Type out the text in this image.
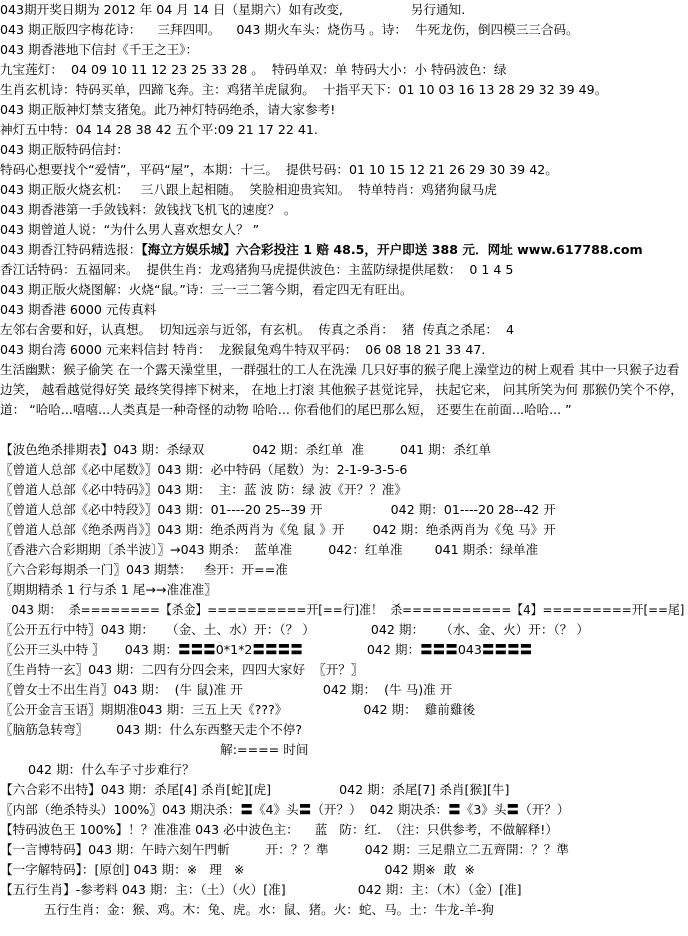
043期开奖日期为 2012 年 04 月 14 日（星期六）如有改变,                 另行通知.
043 期正版四字梅花诗：    三拜四叩。    043 期火车头：烧伤马 。诗：  牛死龙伤，倒四模三三合码。
043 期香港地下信封《千王之王》：
九宝莲灯：  04 09 10 11 12 23 25 33 28 。  特码单双：单 特码大小：小 特码波色：绿
生肖玄机诗：特码买单，四蹄飞奔。主：鸡猪羊虎鼠狗。  十指平天下：01 10 03 16 13 28 29 32 39 49。
043 期正版神灯禁支猪兔。此乃神灯特码绝杀，请大家参考!
神灯五中特：04 14 28 38 42 五个平:09 21 17 22 41.
043 期正版特码信封：
特码心想要找个“爱情”，平码“屋”，本期：十三。  提供号码：01 10 15 12 21 26 29 30 39 42。
043 期正版火烧玄机：   三八跟上起相随。  笑脸相迎贵宾知。  特单特肖：鸡猪狗鼠马虎
043 期香港第一手敛钱料：敛钱找飞机飞的速度？ 。
043 期曾道人说：“为什么男人喜欢想女人？ ”
043 期香江特码精选报：【海立方娱乐城】六合彩投注 1 赔 48.5，开户即送 388 元．网址 www.617788.com
香江话特码：五福同来。  提供生肖：龙鸡猪狗马虎提供波色：主蓝防绿提供尾数：  0 1 4 5
043 期正版火烧图解：火烧“鼠。”诗：三一三二箸今期，看定四无有旺出。
043 期香港 6000 元传真料
左邻右舍要和好，认真想。  切知远亲与近邻，有玄机。  传真之杀肖：  猪  传真之杀尾：  4
043 期台湾 6000 元来料信封 特肖：  龙猴鼠兔鸡牛特双平码：  06 08 18 21 33 47.
生活幽默：猴子偷笑 在一个露天澡堂里，一群强壮的工人在洗澡 几只好事的猴子爬上澡堂边的树上观看 其中一只猴子边看边笑， 越看越觉得好笑 最终笑得摔下树来， 在地上打滚 其他猴子甚觉诧异， 扶起它来， 问其所笑为何 那猴仍笑个不停， 道： “哈哈...嘻嘻...人类真是一种奇怪的动物 哈哈... 你看他们的尾巴那么短， 还要生在前面...哈哈... ”
【波色绝杀排期表】043 期：杀绿双            042 期：杀红单  准         041 期：杀红单
〖曾道人总部《必中尾数》〗043 期：必中特码（尾数）为：2-1-9-3-5-6
〖曾道人总部《必中特码》〗043 期：  主：蓝 波 防：绿 波《开？？准》
〖曾道人总部《必中特段》〗043 期：01----20 25--39 开                 042 期：01----20 28--42 开
〖曾道人总部《绝杀两肖》〗043 期：绝杀两肖为《兔 鼠 》开       042 期：绝杀两肖为《兔 马》开
〖香港六合彩期期〔杀半波〕〗→043 期杀：  蓝单准         042：红单准        041 期杀：绿单准
〖六合彩每期杀一门〗043 期禁：   叁开：开==准
〖期期精杀 1 行与杀 1 尾→→准准准〗
043 期：  杀========【杀金】==========开[==行]准！  杀===========【4】=========开[==尾]
〖公开五行中特〗043 期：   （金、土、水）开：（？ ）              042 期：    （水、金、火）开：（？ ）
〖公开三头中特 〗     043 期：〓〓〓0*1*2〓〓〓〓                042 期：〓〓〓043〓〓〓〓
〖生肖特一玄〗043 期：二四有分四会来，四四大家好  〖开？〗
〖曾女士不出生肖〗043 期：  (牛 鼠)准 开                    042 期：  (牛 马)准 开
〖公开金言玉语〗期期准043 期：三五上天《???》                   042 期：  雞前雞後
〖脑筋急转弯〗       043 期：什么东西整天走个不停?
解:==== 时间
042 期：什么车子寸步难行？
【六合彩不出特】043 期：杀尾[4] 杀肖[蛇][虎]                 042 期：杀尾[7] 杀肖[猴][牛]
〖内部（绝杀特头）100%〗043 期决杀：〓《4》头〓（开？）  042 期决杀：〓《3》头〓（开？）
【特码波色王 100%】！？准准准 043 必中波色主：    蓝   防：红.  （注：只供参考，不做解释!）
【一言博特码】043 期：午時六刻午門斬         开：？？準         042 期：三足鼎立二五齊開：？？準
【一字解特码】：[原创] 043 期：※   理   ※                                   042 期※  敢  ※
【五行生肖】-参考料 043 期：主：（土）（火）[准]                  042 期：主：（木）（金）[准]
五行生肖：金：猴、鸡。木：兔、虎。水：鼠、猪。火：蛇、马。土：牛龙-羊-狗
